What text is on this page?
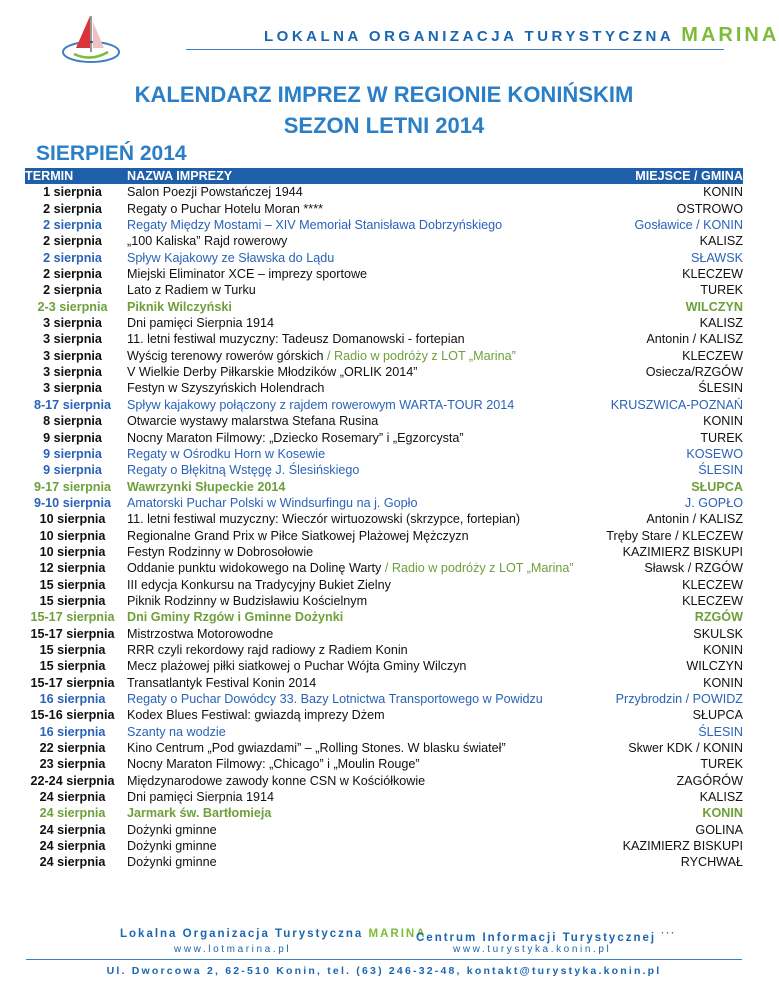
LOKALNA ORGANIZACJA TURYSTYCZNA MARINA
KALENDARZ IMPREZ W REGIONIE KONIŃSKIM
SEZON LETNI 2014
SIERPIEŃ 2014
TERMIN	NAZWA IMPREZY	MIEJSCE / GMINA
1 sierpnia	Salon Poezji Powstańczej 1944	KONIN
2 sierpnia	Regaty o Puchar Hotelu Moran ****	OSTROWO
2 sierpnia	Regaty Między Mostami – XIV Memoriał Stanisława Dobrzyńskiego	Gosławice / KONIN
2 sierpnia	„100 Kaliska” Rajd rowerowy	KALISZ
2 sierpnia	Spływ Kajakowy ze Sławska do Lądu	SŁAWSK
2 sierpnia	Miejski Eliminator XCE – imprezy sportowe	KLECZEW
2 sierpnia	Lato z Radiem w Turku	TUREK
2-3 sierpnia	Piknik Wilczyński	WILCZYN
3 sierpnia	Dni pamięci Sierpnia 1914	KALISZ
3 sierpnia	11. letni festiwal muzyczny: Tadeusz Domanowski - fortepian	Antonin / KALISZ
3 sierpnia	Wyścig terenowy rowerów górskich / Radio w podróży z LOT „Marina”	KLECZEW
3 sierpnia	V Wielkie Derby Piłkarskie Młodzików „ORLIK 2014”	Osiecza/RZGÓW
3 sierpnia	Festyn w Szyszyńskich Holendrach	ŚLESIN
8-17 sierpnia	Spływ kajakowy połączony z rajdem rowerowym WARTA-TOUR 2014	KRUSZWICA-POZNAŃ
8 sierpnia	Otwarcie wystawy malarstwa Stefana Rusina	KONIN
9 sierpnia	Nocny Maraton Filmowy: „Dziecko Rosemary” i „Egzorcysta”	TUREK
9 sierpnia	Regaty w Ośrodku Horn w Kosewie	KOSEWO
9 sierpnia	Regaty o Błękitną Wstęgę J. Ślesińskiego	ŚLESIN
9-17 sierpnia	Wawrzynki Słupeckie 2014	SŁUPCA
9-10 sierpnia	Amatorski Puchar Polski w Windsurfingu na j. Gopło	J. GOPŁO
10 sierpnia	11. letni festiwal muzyczny: Wieczór wirtuozowski (skrzypce, fortepian)	Antonin / KALISZ
10 sierpnia	Regionalne Grand Prix w Piłce Siatkowej Plażowej Mężczyzn	Tręby Stare / KLECZEW
10 sierpnia	Festyn Rodzinny w Dobrosołowie	KAZIMIERZ BISKUPI
12 sierpnia	Oddanie punktu widokowego na Dolinę Warty / Radio w podróży z LOT „Marina”	Sławsk / RZGÓW
15 sierpnia	III edycja Konkursu na Tradycyjny Bukiet Zielny	KLECZEW
15 sierpnia	Piknik Rodzinny w Budzisławiu Kościelnym	KLECZEW
15-17 sierpnia	Dni Gminy Rzgów i Gminne Dożynki	RZGÓW
15-17 sierpnia	Mistrzostwa Motorowodne	SKULSK
15 sierpnia	RRR czyli rekordowy rajd radiowy z Radiem Konin	KONIN
15 sierpnia	Mecz plażowej piłki siatkowej o Puchar Wójta Gminy Wilczyn	WILCZYN
15-17 sierpnia	Transatlantyk Festival Konin 2014	KONIN
16 sierpnia	Regaty o Puchar Dowódcy 33. Bazy Lotnictwa Transportowego w Powidzu	Przybrodzin / POWIDZ
15-16 sierpnia	Kodex Blues Festiwal: gwiazdą imprezy Dżem	SŁUPCA
16 sierpnia	Szanty na wodzie	ŚLESIN
22 sierpnia	Kino Centrum „Pod gwiazdami” – „Rolling Stones. W blasku świateł”	Skwer KDK / KONIN
23 sierpnia	Nocny Maraton Filmowy: „Chicago” i „Moulin Rouge”	TUREK
22-24 sierpnia	Międzynarodowe zawody konne CSN w Kościółkowie	ZAGÓRÓW
24 sierpnia	Dni pamięci Sierpnia 1914	KALISZ
24 sierpnia	Jarmark św. Bartłomieja	KONIN
24 sierpnia	Dożynki gminne	GOLINA
24 sierpnia	Dożynki gminne	KAZIMIERZ BISKUPI
24 sierpnia	Dożynki gminne	RYCHWAŁ
Lokalna Organizacja Turystyczna MARINA
Centrum Informacji Turystycznej ···
www.lotmarina.pl	www.turystyka.konin.pl
Ul. Dworcowa 2, 62-510 Konin, tel. (63) 246-32-48, kontakt@turystyka.konin.pl
